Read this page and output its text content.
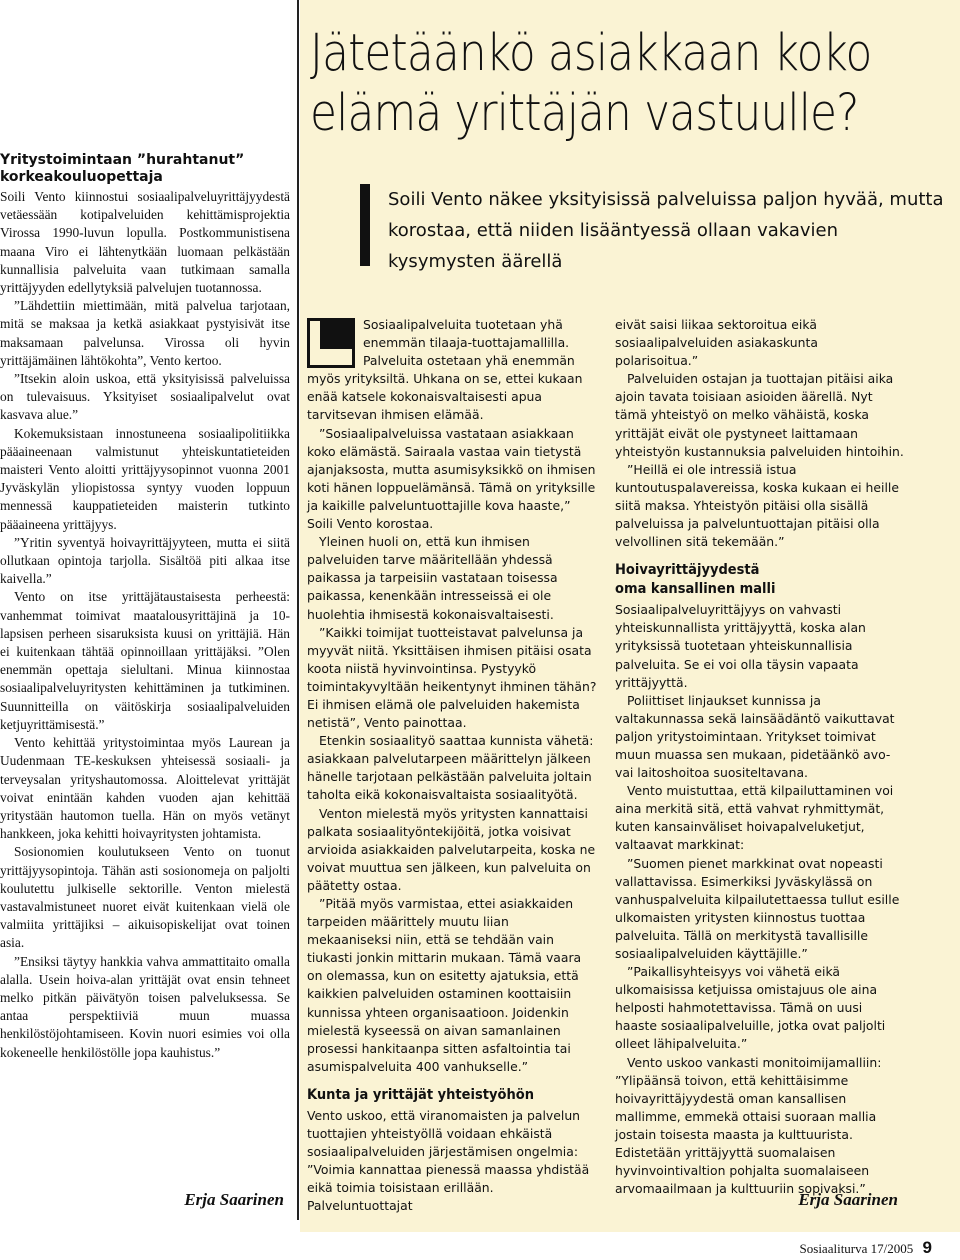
Yritystoimintaan ”hurahtanut” korkeakouluopettaja

Soili Vento kiinnostui sosiaalipalveluyrittäjyydestä vetäessään kotipalveluiden kehittämisprojektia Virossa 1990-luvun lopulla. Postkommunistisena maana Viro ei lähtenytkään luomaan pelkästään kunnallisia palveluita vaan tutkimaan samalla yrittäjyyden edellytyksiä palvelujen tuotannossa.

”Lähdettiin miettimään, mitä palvelua tarjotaan, mitä se maksaa ja ketkä asiakkaat pystyisivät itse maksamaan palvelunsa. Virossa oli hyvin yrittäjämäinen lähtökohta”, Vento kertoo.

”Itsekin aloin uskoa, että yksityisissä palveluissa on tulevaisuus. Yksityiset sosiaalipalvelut ovat kasvava alue.”

Kokemuksistaan innostuneena sosiaalipolitiikka pääaineenaan valmistunut yhteiskuntatieteiden maisteri Vento aloitti yrittäjyysopinnot vuonna 2001 Jyväskylän yliopistossa syntyy vuoden loppuun mennessä kauppatieteiden maisterin tutkinto pääaineena yrittäjyys.

”Yritin syventyä hoivayrittäjyyteen, mutta ei siitä ollutkaan opintoja tarjolla. Sisältöä piti alkaa itse kaivella.”

Vento on itse yrittäjätaustaisesta perheestä: vanhemmat toimivat maatalousyrittäjinä ja 10-lapsisen perheen sisaruksista kuusi on yrittäjiä. Hän ei kuitenkaan tähtää opinnoillaan yrittäjäksi. ”Olen enemmän opettaja sielultani. Minua kiinnostaa sosiaalipalveluyritysten kehittäminen ja tutkiminen. Suunnitteilla on väitöskirja sosiaalipalveluiden ketjuyrittämisestä.”

Vento kehittää yritystoimintaa myös Laurean ja Uudenmaan TE-keskuksen yhteisessä sosiaali- ja terveysalan yrityshautomossa. Aloittelevat yrittäjät voivat enintään kahden vuoden ajan kehittää yritystään hautomon tuella. Hän on myös vetänyt hankkeen, joka kehitti hoivayritysten johtamista.

Sosionomien koulutukseen Vento on tuonut yrittäjyysopintoja. Tähän asti sosionomeja on paljolti koulutettu julkiselle sektorille. Venton mielestä vastavalmistuneet nuoret eivät kuitenkaan vielä ole valmiita yrittäjiksi – aikuisopiskelijat ovat toinen asia.

”Ensiksi täytyy hankkia vahva ammattitaito omalla alalla. Usein hoiva-alan yrittäjät ovat ensin tehneet melko pitkän päivätyön toisen palveluksessa. Se antaa perspektiiviä muun muassa henkilöstöjohtamiseen. Kovin nuori esimies voi olla kokeneelle henkilöstölle jopa kauhistus.”

Erja Saarinen
Jätetäänkö asiakkaan koko
elämä yrittäjän vastuulle?

Soili Vento näkee yksityisissä palveluissa paljon hyvää, mutta korostaa, että niiden lisääntyessä ollaan vakavien kysymysten äärellä

Sosiaalipalveluita tuotetaan yhä enemmän tilaaja-tuottajamallilla. Palveluita ostetaan yhä enemmän myös yrityksiltä. Uhkana on se, ettei kukaan enää katsele kokonaisvaltaisesti apua tarvitsevan ihmisen elämää.

”Sosiaalipalveluissa vastataan asiakkaan koko elämästä. Sairaala vastaa vain tietystä ajanjaksosta, mutta asumisyksikkö on ihmisen koti hänen loppuelämänsä. Tämä on yrityksille ja kaikille palveluntuottajille kova haaste,” Soili Vento korostaa.

Yleinen huoli on, että kun ihmisen palveluiden tarve määritellään yhdessä paikassa ja tarpeisiin vastataan toisessa paikassa, kenenkään intresseissä ei ole huolehtia ihmisestä kokonaisvaltaisesti.

”Kaikki toimijat tuotteistavat palvelunsa ja myyvät niitä. Yksittäisen ihmisen pitäisi osata koota niistä hyvinvointinsa. Pystyykö toimintakyvyltään heikentynyt ihminen tähän? Ei ihmisen elämä ole palveluiden hakemista netistä”, Vento painottaa.

Etenkin sosiaalityö saattaa kunnista vähetä: asiakkaan palvelutarpeen määrittelyn jälkeen hänelle tarjotaan pelkästään palveluita joltain taholta eikä kokonaisvaltaista sosiaalityötä.

Venton mielestä myös yritysten kannattaisi palkata sosiaalityöntekijöitä, jotka voisivat arvioida asiakkaiden palvelutarpeita, koska ne voivat muuttua sen jälkeen, kun palveluita on päätetty ostaa.

”Pitää myös varmistaa, ettei asiakkaiden tarpeiden määrittely muutu liian mekaaniseksi niin, että se tehdään vain tiukasti jonkin mittarin mukaan. Tämä vaara on olemassa, kun on esitetty ajatuksia, että kaikkien palveluiden ostaminen koottaisiin kunnissa yhteen organisaatioon. Joidenkin mielestä kyseessä on aivan samanlainen prosessi hankitaanpa sitten asfaltointia tai asumispalveluita 400 vanhukselle.”

Kunta ja yrittäjät yhteistyöhön

Vento uskoo, että viranomaisten ja palvelun tuottajien yhteistyöllä voidaan ehkäistä sosiaalipalveluiden järjestämisen ongelmia: ”Voimia kannattaa pienessä maassa yhdistää eikä toimia toisistaan erillään. Palveluntuottajat

eivät saisi liikaa sektoroitua eikä sosiaalipalveluiden asiakaskunta polarisoitua.”

Palveluiden ostajan ja tuottajan pitäisi aika ajoin tavata toisiaan asioiden äärellä. Nyt tämä yhteistyö on melko vähäistä, koska yrittäjät eivät ole pystyneet laittamaan yhteistyön kustannuksia palveluiden hintoihin.

”Heillä ei ole intressiä istua kuntoutuspalavereissa, koska kukaan ei heille siitä maksa. Yhteistyön pitäisi olla sisällä palveluissa ja palveluntuottajan pitäisi olla velvollinen sitä tekemään.”

Hoivayrittäjyydestä
oma kansallinen malli

Sosiaalipalveluyrittäjyys on vahvasti yhteiskunnallista yrittäjyyttä, koska alan yrityksissä tuotetaan yhteiskunnallisia palveluita. Se ei voi olla täysin vapaata yrittäjyyttä.

Poliittiset linjaukset kunnissa ja valtakunnassa sekä lainsäädäntö vaikuttavat paljon yritystoimintaan. Yritykset toimivat muun muassa sen mukaan, pidetäänkö avo- vai laitoshoitoa suositeltavana.

Vento muistuttaa, että kilpailuttaminen voi aina merkitä sitä, että vahvat ryhmittymät, kuten kansainväliset hoivapalveluketjut, valtaavat markkinat:

”Suomen pienet markkinat ovat nopeasti vallattavissa. Esimerkiksi Jyväskylässä on vanhuspalveluita kilpailutettaessa tullut esille ulkomaisten yritysten kiinnostus tuottaa palveluita. Tällä on merkitystä tavallisille sosiaalipalveluiden käyttäjille.”

”Paikallisyhteisyys voi vähetä eikä ulkomaisissa ketjuissa omistajuus ole aina helposti hahmotettavissa. Tämä on uusi haaste sosiaalipalveluille, jotka ovat paljolti olleet lähipalveluita.”

Vento uskoo vankasti monitoimijamalliin: ”Ylipäänsä toivon, että kehittäisimme hoivayrittäjyydestä oman kansallisen mallimme, emmekä ottaisi suoraan mallia jostain toisesta maasta ja kulttuurista. Edistetään yrittäjyyttä suomalaisen hyvinvointivaltion pohjalta suomalaiseen arvomaailmaan ja kulttuuriin sopivaksi.”

Erja Saarinen
Sosiaaliturva 17/2005 9
